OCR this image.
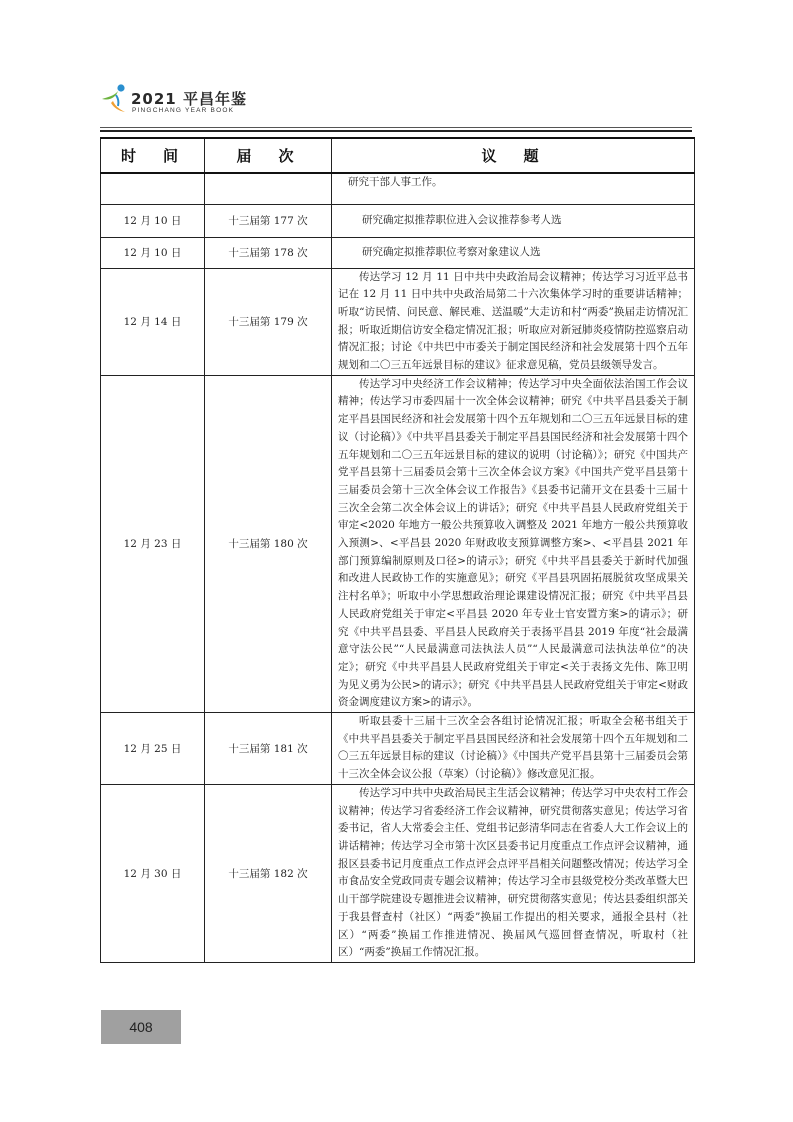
2021 平昌年鉴
PINGCHANG YEAR BOOK
时　间	届　次	议　题

		研究干部人事工作。

12 月 10 日	十三届第 177 次	研究确定拟推荐职位进入会议推荐参考人选
12 月 10 日	十三届第 178 次	研究确定拟推荐职位考察对象建议人选
12 月 14 日	十三届第 179 次	传达学习 12 月 11 日中共中央政治局会议精神；传达学习习近平总书记在 12 月 11 日中共中央政治局第二十六次集体学习时的重要讲话精神；听取“访民情、问民意、解民难、送温暖”大走访和村“两委”换届走访情况汇报；听取近期信访安全稳定情况汇报；听取应对新冠肺炎疫情防控巡察启动情况汇报；讨论《中共巴中市委关于制定国民经济和社会发展第十四个五年规划和二〇三五年远景目标的建议》征求意见稿，党员县级领导发言。

12 月 23 日	十三届第 180 次	传达学习中央经济工作会议精神；传达学习中央全面依法治国工作会议精神；传达学习市委四届十一次全体会议精神；研究《中共平昌县委关于制定平昌县国民经济和社会发展第十四个五年规划和二〇三五年远景目标的建议（讨论稿）》《中共平昌县委关于制定平昌县国民经济和社会发展第十四个五年规划和二〇三五年远景目标的建议的说明（讨论稿）》；研究《中国共产党平昌县第十三届委员会第十三次全体会议方案》《中国共产党平昌县第十三届委员会第十三次全体会议工作报告》《县委书记蒲开文在县委十三届十三次全会第二次全体会议上的讲话》；研究《中共平昌县人民政府党组关于审定<2020 年地方一般公共预算收入调整及 2021 年地方一般公共预算收入预测>、<平昌县 2020 年财政收支预算调整方案>、<平昌县 2021 年部门预算编制原则及口径>的请示》；研究《中共平昌县委关于新时代加强和改进人民政协工作的实施意见》；研究《平昌县巩固拓展脱贫攻坚成果关注村名单》；听取中小学思想政治理论课建设情况汇报；研究《中共平昌县人民政府党组关于审定<平昌县 2020 年专业士官安置方案>的请示》；研究《中共平昌县委、平昌县人民政府关于表扬平昌县 2019 年度“社会最满意守法公民”“人民最满意司法执法人员”“人民最满意司法执法单位”的决定》；研究《中共平昌县人民政府党组关于审定<关于表扬文先伟、陈卫明为见义勇为公民>的请示》；研究《中共平昌县人民政府党组关于审定<财政资金调度建议方案>的请示》。

12 月 25 日	十三届第 181 次	听取县委十三届十三次全会各组讨论情况汇报；听取全会秘书组关于《中共平昌县委关于制定平昌县国民经济和社会发展第十四个五年规划和二〇三五年远景目标的建议（讨论稿）》《中国共产党平昌县第十三届委员会第十三次全体会议公报（草案）（讨论稿）》修改意见汇报。

12 月 30 日	十三届第 182 次	传达学习中共中央政治局民主生活会议精神；传达学习中央农村工作会议精神；传达学习省委经济工作会议精神，研究贯彻落实意见；传达学习省委书记，省人大常委会主任、党组书记彭清华同志在省委人大工作会议上的讲话精神；传达学习全市第十次区县委书记月度重点工作点评会议精神，通报区县委书记月度重点工作点评会点评平昌相关问题整改情况；传达学习全市食品安全党政同责专题会议精神；传达学习全市县级党校分类改革暨大巴山干部学院建设专题推进会议精神，研究贯彻落实意见；传达县委组织部关于我县督查村（社区）“两委”换届工作提出的相关要求，通报全县村（社区）“两委”换届工作推进情况、换届风气巡回督查情况，听取村（社区）“两委”换届工作情况汇报。

408
